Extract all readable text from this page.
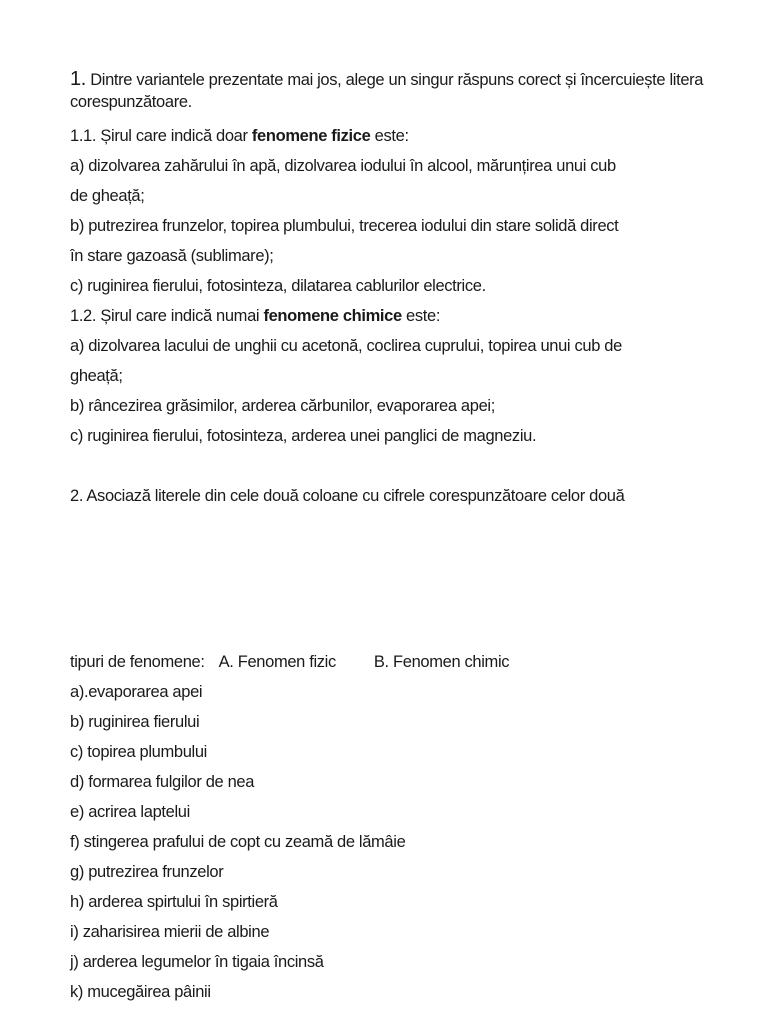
1. Dintre variantele prezentate mai jos, alege un singur răspuns corect și încercuiește litera corespunzătoare.
1.1. Șirul care indică doar fenomene fizice este:
a) dizolvarea zahărului în apă, dizolvarea iodului în alcool, mărunțirea unui cub
de gheață;
b) putrezirea frunzelor, topirea plumbului, trecerea iodului din stare solidă direct
în stare gazoasă (sublimare);
c) ruginirea fierului, fotosinteza, dilatarea cablurilor electrice.
1.2. Șirul care indică numai fenomene chimice este:
a) dizolvarea lacului de unghii cu acetonă, coclirea cuprului, topirea unui cub de
gheață;
b) râncezirea grăsimilor, arderea cărbunilor, evaporarea apei;
c) ruginirea fierului, fotosinteza, arderea unei panglici de magneziu.
2. Asociază literele din cele două coloane cu cifrele corespunzătoare celor două
tipuri de fenomene: A. Fenomen fizic B. Fenomen chimic
a).evaporarea apei
b) ruginirea fierului
c) topirea plumbului
d) formarea fulgilor de nea
e) acrirea laptelui
f) stingerea prafului de copt cu zeamă de lămâie
g) putrezirea frunzelor
h) arderea spirtului în spirtieră
i) zaharisirea mierii de albine
j) arderea legumelor în tigaia încinsă
k) mucegăirea pâinii
